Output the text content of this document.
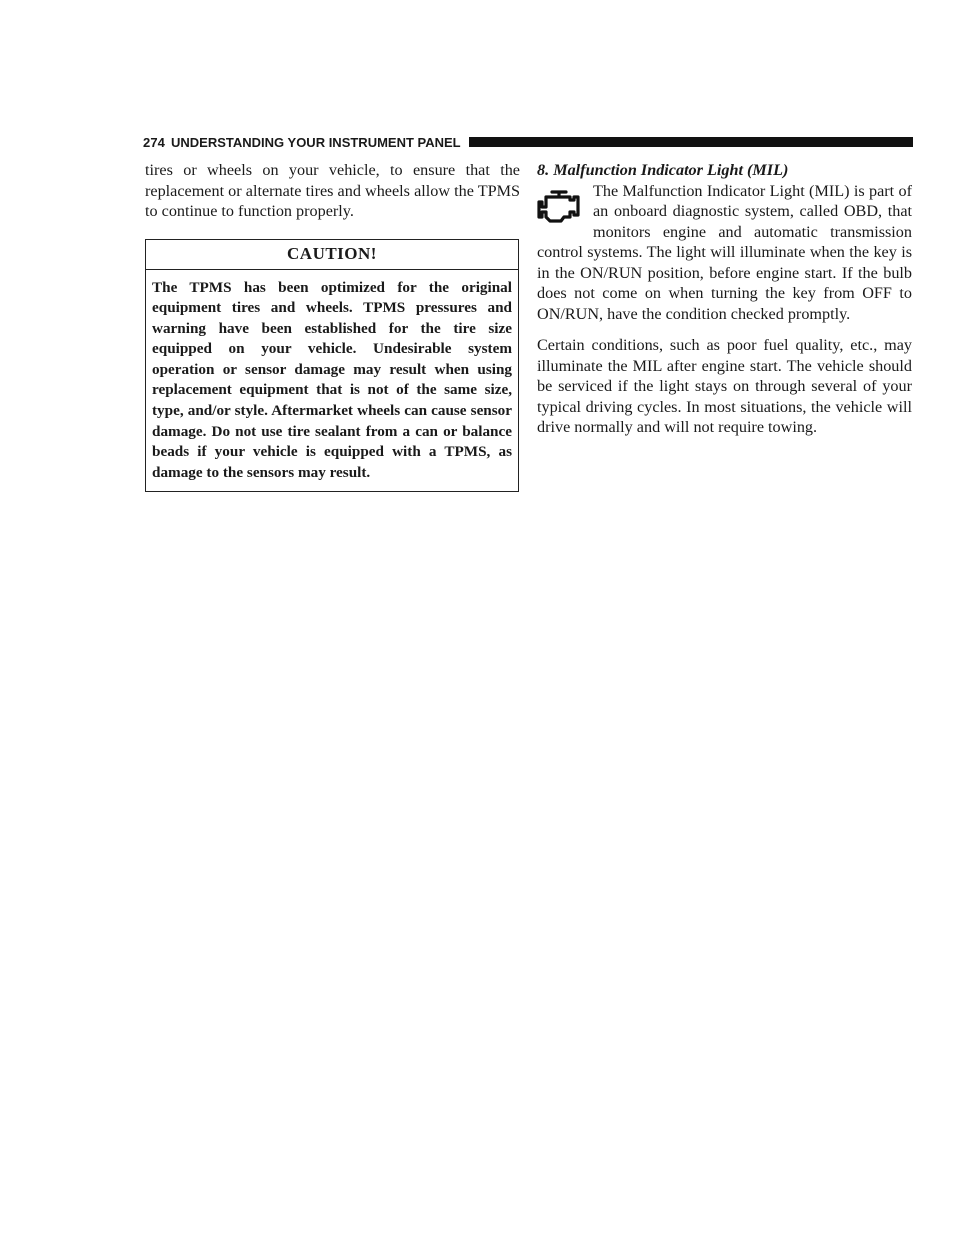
274 UNDERSTANDING YOUR INSTRUMENT PANEL

tires or wheels on your vehicle, to ensure that the replacement or alternate tires and wheels allow the TPMS to continue to function properly.

CAUTION!
The TPMS has been optimized for the original equipment tires and wheels. TPMS pressures and warning have been established for the tire size equipped on your vehicle. Undesirable system operation or sensor damage may result when using replacement equipment that is not of the same size, type, and/or style. Aftermarket wheels can cause sensor damage. Do not use tire sealant from a can or balance beads if your vehicle is equipped with a TPMS, as damage to the sensors may result.
8. Malfunction Indicator Light (MIL)

The Malfunction Indicator Light (MIL) is part of an onboard diagnostic system, called OBD, that monitors engine and automatic transmission control systems. The light will illuminate when the key is in the ON/RUN position, before engine start. If the bulb does not come on when turning the key from OFF to ON/RUN, have the condition checked promptly.

Certain conditions, such as poor fuel quality, etc., may illuminate the MIL after engine start. The vehicle should be serviced if the light stays on through several of your typical driving cycles. In most situations, the vehicle will drive normally and will not require towing.
